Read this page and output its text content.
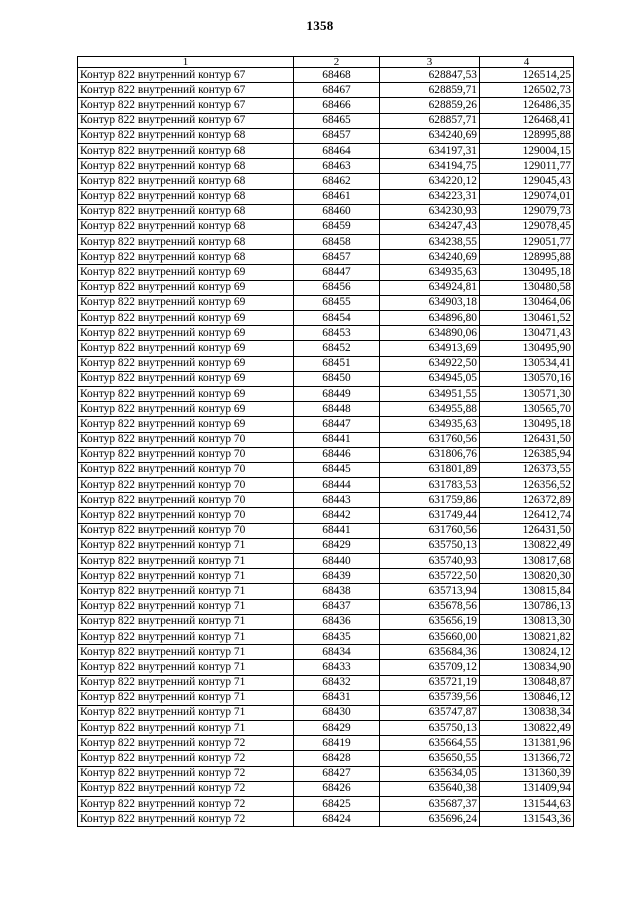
1358
1	2	3	4
Контур 822 внутренний контур 67	68468	628847,53	126514,25
Контур 822 внутренний контур 67	68467	628859,71	126502,73
Контур 822 внутренний контур 67	68466	628859,26	126486,35
Контур 822 внутренний контур 67	68465	628857,71	126468,41
Контур 822 внутренний контур 68	68457	634240,69	128995,88
Контур 822 внутренний контур 68	68464	634197,31	129004,15
Контур 822 внутренний контур 68	68463	634194,75	129011,77
Контур 822 внутренний контур 68	68462	634220,12	129045,43
Контур 822 внутренний контур 68	68461	634223,31	129074,01
Контур 822 внутренний контур 68	68460	634230,93	129079,73
Контур 822 внутренний контур 68	68459	634247,43	129078,45
Контур 822 внутренний контур 68	68458	634238,55	129051,77
Контур 822 внутренний контур 68	68457	634240,69	128995,88
Контур 822 внутренний контур 69	68447	634935,63	130495,18
Контур 822 внутренний контур 69	68456	634924,81	130480,58
Контур 822 внутренний контур 69	68455	634903,18	130464,06
Контур 822 внутренний контур 69	68454	634896,80	130461,52
Контур 822 внутренний контур 69	68453	634890,06	130471,43
Контур 822 внутренний контур 69	68452	634913,69	130495,90
Контур 822 внутренний контур 69	68451	634922,50	130534,41
Контур 822 внутренний контур 69	68450	634945,05	130570,16
Контур 822 внутренний контур 69	68449	634951,55	130571,30
Контур 822 внутренний контур 69	68448	634955,88	130565,70
Контур 822 внутренний контур 69	68447	634935,63	130495,18
Контур 822 внутренний контур 70	68441	631760,56	126431,50
Контур 822 внутренний контур 70	68446	631806,76	126385,94
Контур 822 внутренний контур 70	68445	631801,89	126373,55
Контур 822 внутренний контур 70	68444	631783,53	126356,52
Контур 822 внутренний контур 70	68443	631759,86	126372,89
Контур 822 внутренний контур 70	68442	631749,44	126412,74
Контур 822 внутренний контур 70	68441	631760,56	126431,50
Контур 822 внутренний контур 71	68429	635750,13	130822,49
Контур 822 внутренний контур 71	68440	635740,93	130817,68
Контур 822 внутренний контур 71	68439	635722,50	130820,30
Контур 822 внутренний контур 71	68438	635713,94	130815,84
Контур 822 внутренний контур 71	68437	635678,56	130786,13
Контур 822 внутренний контур 71	68436	635656,19	130813,30
Контур 822 внутренний контур 71	68435	635660,00	130821,82
Контур 822 внутренний контур 71	68434	635684,36	130824,12
Контур 822 внутренний контур 71	68433	635709,12	130834,90
Контур 822 внутренний контур 71	68432	635721,19	130848,87
Контур 822 внутренний контур 71	68431	635739,56	130846,12
Контур 822 внутренний контур 71	68430	635747,87	130838,34
Контур 822 внутренний контур 71	68429	635750,13	130822,49
Контур 822 внутренний контур 72	68419	635664,55	131381,96
Контур 822 внутренний контур 72	68428	635650,55	131366,72
Контур 822 внутренний контур 72	68427	635634,05	131360,39
Контур 822 внутренний контур 72	68426	635640,38	131409,94
Контур 822 внутренний контур 72	68425	635687,37	131544,63
Контур 822 внутренний контур 72	68424	635696,24	131543,36
